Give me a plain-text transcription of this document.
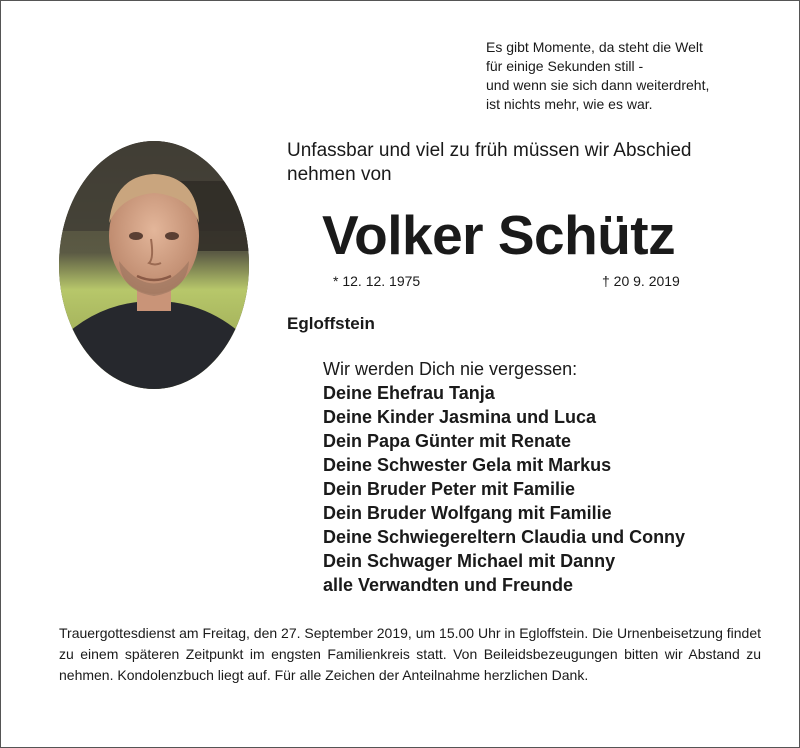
Es gibt Momente, da steht die Welt
für einige Sekunden still -
und wenn sie sich dann weiterdreht,
ist nichts mehr, wie es war.
Unfassbar und viel zu früh müssen wir Abschied nehmen von
Volker Schütz
* 12. 12. 1975	† 20 9. 2019
Egloffstein
Wir werden Dich nie vergessen:
Deine Ehefrau Tanja
Deine Kinder Jasmina und Luca
Dein Papa Günter mit Renate
Deine Schwester Gela mit Markus
Dein Bruder Peter mit Familie
Dein Bruder Wolfgang mit Familie
Deine Schwiegereltern Claudia und Conny
Dein Schwager Michael mit Danny
alle Verwandten und Freunde
Trauergottesdienst am Freitag, den 27. September 2019, um 15.00 Uhr in Egloffstein. Die Urnenbeisetzung findet zu einem späteren Zeitpunkt im engsten Familienkreis statt. Von Beileidsbezeugungen bitten wir Abstand zu nehmen. Kondolenzbuch liegt auf. Für alle Zeichen der Anteilnahme herzlichen Dank.
